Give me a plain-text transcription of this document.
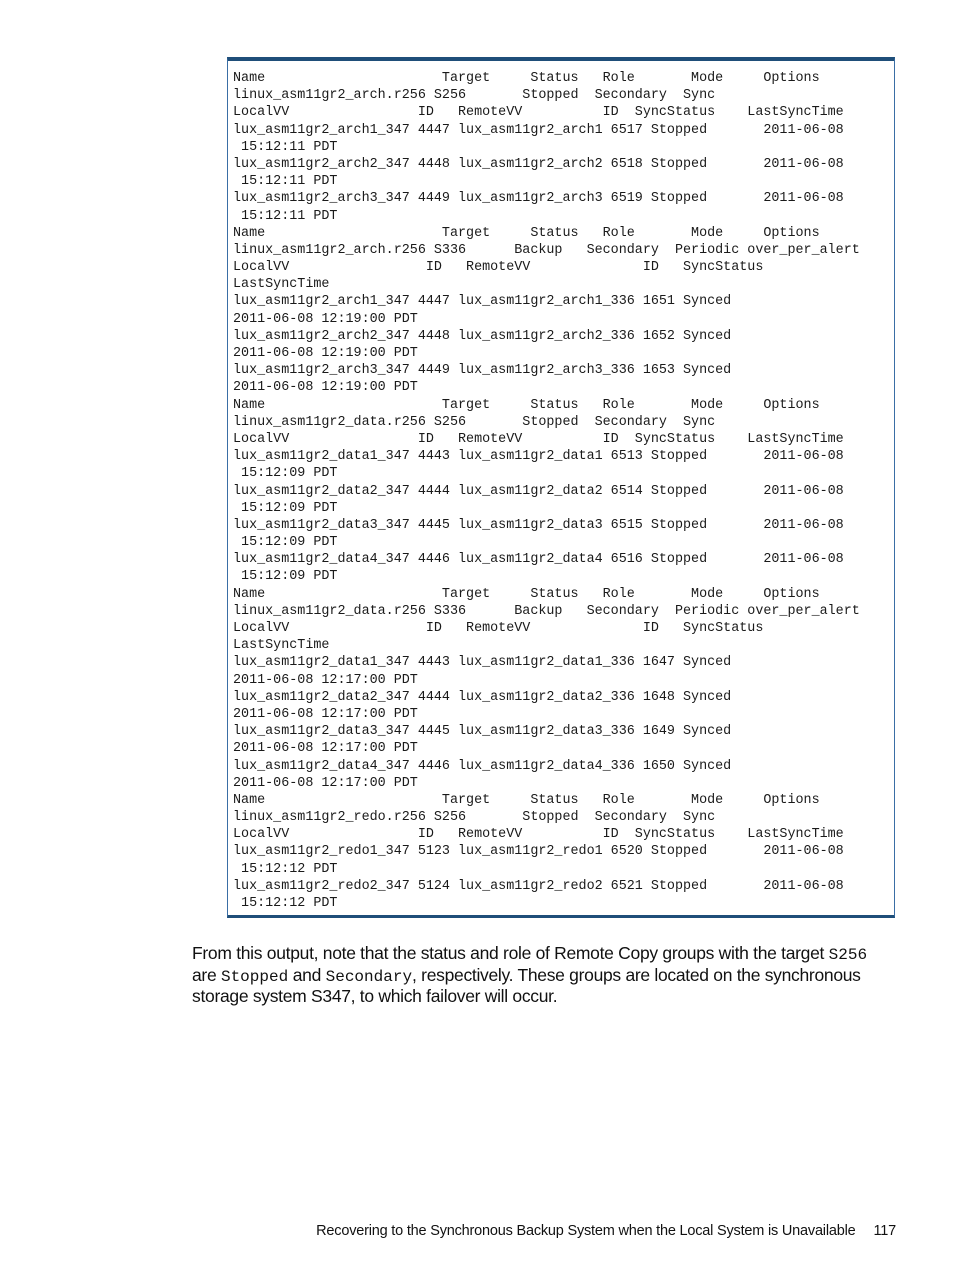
Name                      Target     Status   Role       Mode     Options
linux_asm11gr2_arch.r256 S256       Stopped  Secondary  Sync
LocalVV                ID   RemoteVV          ID  SyncStatus    LastSyncTime
lux_asm11gr2_arch1_347 4447 lux_asm11gr2_arch1 6517 Stopped       2011-06-08
15:12:11 PDT
lux_asm11gr2_arch2_347 4448 lux_asm11gr2_arch2 6518 Stopped       2011-06-08
15:12:11 PDT
lux_asm11gr2_arch3_347 4449 lux_asm11gr2_arch3 6519 Stopped       2011-06-08
15:12:11 PDT
Name                      Target     Status   Role       Mode     Options
linux_asm11gr2_arch.r256 S336      Backup   Secondary  Periodic over_per_alert
LocalVV                 ID   RemoteVV              ID   SyncStatus
LastSyncTime
lux_asm11gr2_arch1_347 4447 lux_asm11gr2_arch1_336 1651 Synced
2011-06-08 12:19:00 PDT
lux_asm11gr2_arch2_347 4448 lux_asm11gr2_arch2_336 1652 Synced
2011-06-08 12:19:00 PDT
lux_asm11gr2_arch3_347 4449 lux_asm11gr2_arch3_336 1653 Synced
2011-06-08 12:19:00 PDT
Name                      Target     Status   Role       Mode     Options
linux_asm11gr2_data.r256 S256       Stopped  Secondary  Sync
LocalVV                ID   RemoteVV          ID  SyncStatus    LastSyncTime
lux_asm11gr2_data1_347 4443 lux_asm11gr2_data1 6513 Stopped       2011-06-08
15:12:09 PDT
lux_asm11gr2_data2_347 4444 lux_asm11gr2_data2 6514 Stopped       2011-06-08
15:12:09 PDT
lux_asm11gr2_data3_347 4445 lux_asm11gr2_data3 6515 Stopped       2011-06-08
15:12:09 PDT
lux_asm11gr2_data4_347 4446 lux_asm11gr2_data4 6516 Stopped       2011-06-08
15:12:09 PDT
Name                      Target     Status   Role       Mode     Options
linux_asm11gr2_data.r256 S336      Backup   Secondary  Periodic over_per_alert
LocalVV                 ID   RemoteVV              ID   SyncStatus
LastSyncTime
lux_asm11gr2_data1_347 4443 lux_asm11gr2_data1_336 1647 Synced
2011-06-08 12:17:00 PDT
lux_asm11gr2_data2_347 4444 lux_asm11gr2_data2_336 1648 Synced
2011-06-08 12:17:00 PDT
lux_asm11gr2_data3_347 4445 lux_asm11gr2_data3_336 1649 Synced
2011-06-08 12:17:00 PDT
lux_asm11gr2_data4_347 4446 lux_asm11gr2_data4_336 1650 Synced
2011-06-08 12:17:00 PDT
Name                      Target     Status   Role       Mode     Options
linux_asm11gr2_redo.r256 S256       Stopped  Secondary  Sync
LocalVV                ID   RemoteVV          ID  SyncStatus    LastSyncTime
lux_asm11gr2_redo1_347 5123 lux_asm11gr2_redo1 6520 Stopped       2011-06-08
15:12:12 PDT
lux_asm11gr2_redo2_347 5124 lux_asm11gr2_redo2 6521 Stopped       2011-06-08
15:12:12 PDT
From this output, note that the status and role of Remote Copy groups with the target S256
are Stopped and Secondary, respectively. These groups are located on the synchronous storage system S347, to which failover will occur.
Recovering to the Synchronous Backup System when the Local System is Unavailable 117
